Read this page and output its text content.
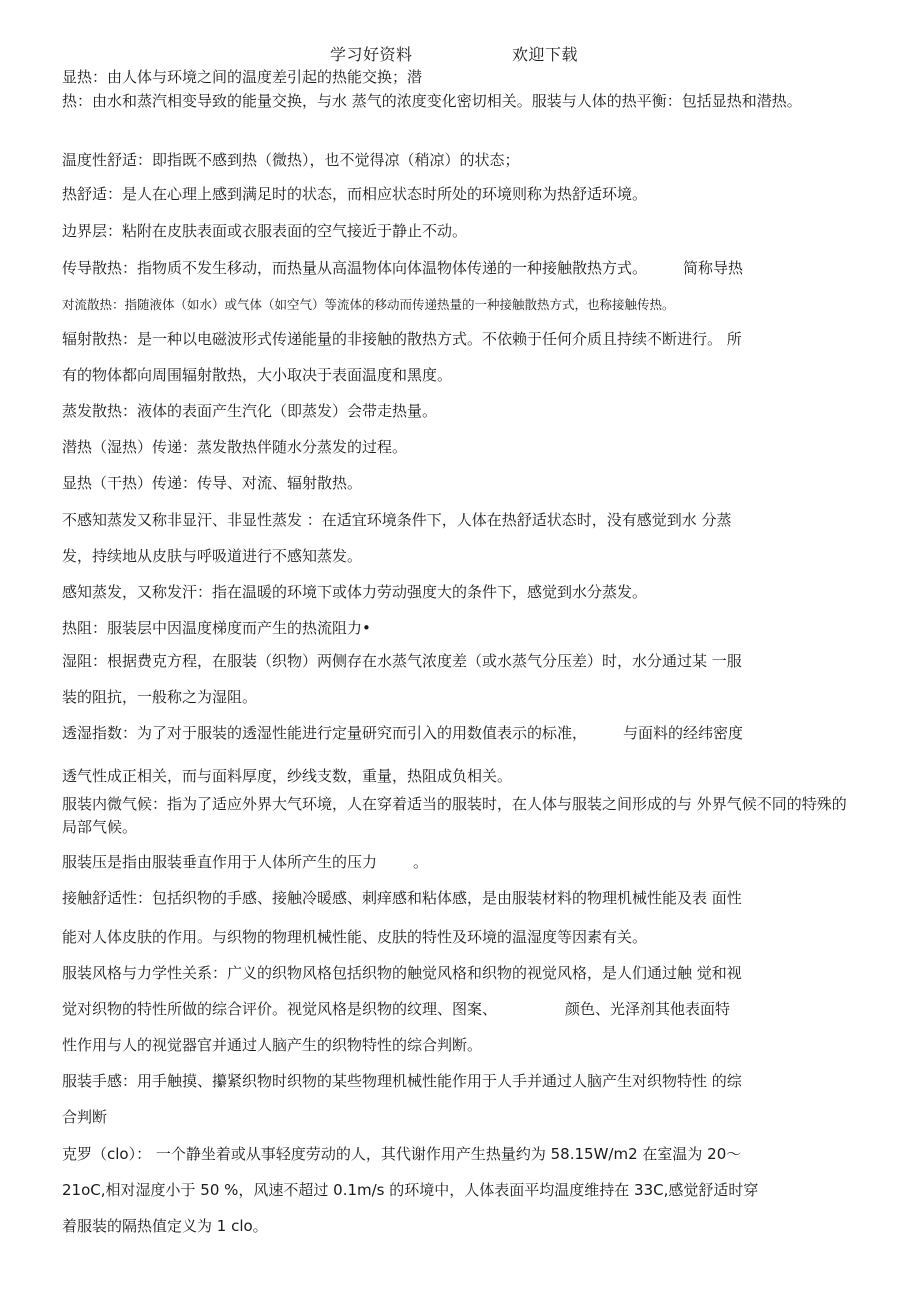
学习好资料	欢迎下载
显热：由人体与环境之间的温度差引起的热能交换；潜
热：由水和蒸汽相变导致的能量交换，与水 蒸气的浓度变化密切相关。服装与人体的热平衡：包括显热和潜热。
温度性舒适：即指既不感到热（微热），也不觉得凉（稍凉）的状态；
热舒适：是人在心理上感到满足时的状态，而相应状态时所处的环境则称为热舒适环境。
边界层：粘附在皮肤表面或衣服表面的空气接近于静止不动。
传导散热：指物质不发生移动，而热量从高温物体向体温物体传递的一种接触散热方式。 简称导热
对流散热：指随液体（如水）或气体（如空气）等流体的移动而传递热量的一种接触散热方式，也称接触传热。
辐射散热：是一种以电磁波形式传递能量的非接触的散热方式。不依赖于任何介质且持续不断进行。 所
有的物体都向周围辐射散热，大小取决于表面温度和黑度。
蒸发散热：液体的表面产生汽化（即蒸发）会带走热量。
潜热（湿热）传递：蒸发散热伴随水分蒸发的过程。
显热（干热）传递：传导、对流、辐射散热。
不感知蒸发又称非显汗、非显性蒸发 ：在适宜环境条件下，人体在热舒适状态时，没有感觉到水 分蒸
发，持续地从皮肤与呼吸道进行不感知蒸发。
感知蒸发，又称发汗：指在温暖的环境下或体力劳动强度大的条件下，感觉到水分蒸发。
热阻：服装层中因温度梯度而产生的热流阻力•
湿阻：根据费克方程，在服装（织物）两侧存在水蒸气浓度差（或水蒸气分压差）时，水分通过某 一服
装的阻抗，一般称之为湿阻。
透湿指数：为了对于服装的透湿性能进行定量研究而引入的用数值表示的标准， 与面料的经纬密度
透气性成正相关，而与面料厚度，纱线支数，重量，热阻成负相关。
服装内微气候：指为了适应外界大气环境，人在穿着适当的服装时，在人体与服装之间形成的与 外界气候不同的特殊的局部气候。
服装压是指由服装垂直作用于人体所产生的压力 。
接触舒适性：包括织物的手感、接触冷暖感、刺痒感和粘体感，是由服装材料的物理机械性能及表 面性
能对人体皮肤的作用。与织物的物理机械性能、皮肤的特性及环境的温湿度等因素有关。
服装风格与力学性关系：广义的织物风格包括织物的触觉风格和织物的视觉风格，是人们通过触 觉和视
觉对织物的特性所做的综合评价。视觉风格是织物的纹理、图案、	颜色、光泽剂其他表面特
性作用与人的视觉器官并通过人脑产生的织物特性的综合判断。
服装手感：用手触摸、攥紧织物时织物的某些物理机械性能作用于人手并通过人脑产生对织物特性 的综
合判断
克罗（clo）： 一个静坐着或从事轻度劳动的人，其代谢作用产生热量约为 58.15W/m2 在室温为 20～
21oC,相对湿度小于 50 %，风速不超过 0.1m/s 的环境中，人体表面平均温度维持在 33C,感觉舒适时穿
着服装的隔热值定义为 1 clo。
